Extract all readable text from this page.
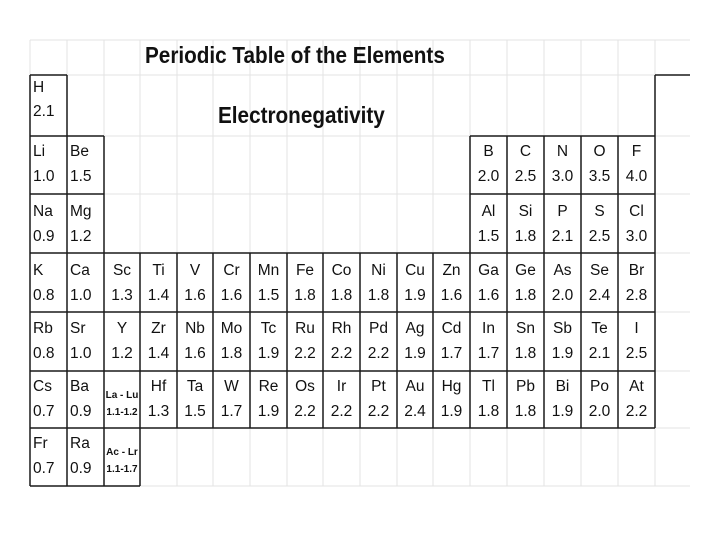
Periodic Table of the Elements
Electronegativity
H
2.1
Li
1.0
Be
1.5
B
2.0
C
2.5
N
3.0
O
3.5
F
4.0
Na
0.9
Mg
1.2
Al
1.5
Si
1.8
P
2.1
S
2.5
Cl
3.0
K
0.8
Ca
1.0
Sc
1.3
Ti
1.4
V
1.6
Cr
1.6
Mn
1.5
Fe
1.8
Co
1.8
Ni
1.8
Cu
1.9
Zn
1.6
Ga
1.6
Ge
1.8
As
2.0
Se
2.4
Br
2.8
Rb
0.8
Sr
1.0
Y
1.2
Zr
1.4
Nb
1.6
Mo
1.8
Tc
1.9
Ru
2.2
Rh
2.2
Pd
2.2
Ag
1.9
Cd
1.7
In
1.7
Sn
1.8
Sb
1.9
Te
2.1
I
2.5
Cs
0.7
Ba
0.9
La - Lu
1.1-1.2
Hf
1.3
Ta
1.5
W
1.7
Re
1.9
Os
2.2
Ir
2.2
Pt
2.2
Au
2.4
Hg
1.9
Tl
1.8
Pb
1.8
Bi
1.9
Po
2.0
At
2.2
Fr
0.7
Ra
0.9
Ac - Lr
1.1-1.7
